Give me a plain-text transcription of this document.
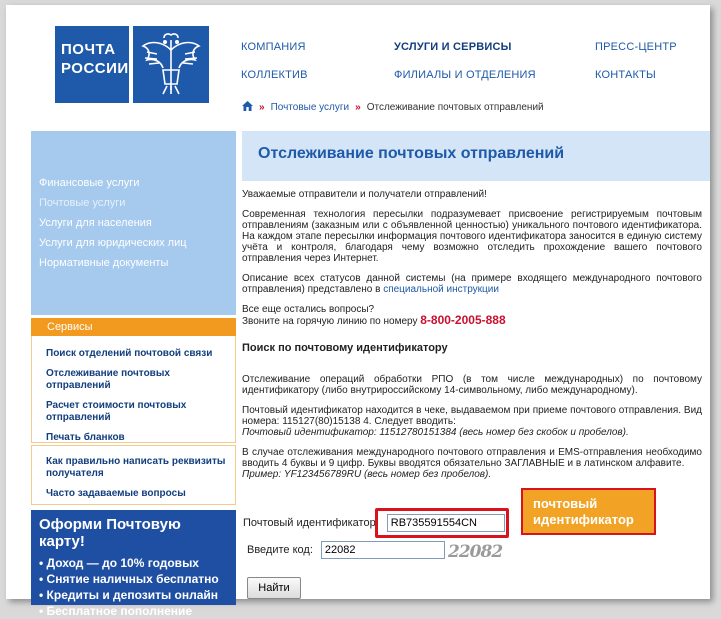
ПОЧТА
РОССИИ
КОМПАНИЯ	УСЛУГИ И СЕРВИСЫ	ПРЕСС-ЦЕНТР
КОЛЛЕКТИВ	ФИЛИАЛЫ И ОТДЕЛЕНИЯ	КОНТАКТЫ
» Почтовые услуги » Отслеживание почтовых отправлений
Финансовые услуги
Почтовые услуги
Услуги для населения
Услуги для юридических лиц
Нормативные документы
Сервисы
Поиск отделений почтовой связи
Отслеживание почтовых отправлений
Расчет стоимости почтовых отправлений
Печать бланков
Как правильно написать реквизиты получателя
Часто задаваемые вопросы
Оформи Почтовую карту!
• Доход — до 10% годовых
• Снятие наличных бесплатно
• Кредиты и депозиты онлайн
• Бесплатное пополнение
Отслеживание почтовых отправлений

Уважаемые отправители и получатели отправлений!

Современная технология пересылки подразумевает присвоение регистрируемым почтовым отправлениям (заказным или с объявленной ценностью) уникального почтового идентификатора. На каждом этапе пересылки информация почтового идентификатора заносится в единую систему учёта и контроля, благодаря чему возможно отследить прохождение вашего почтового отправления через Интернет.

Описание всех статусов данной системы (на примере входящего международного почтового отправления) представлено в специальной инструкции

Все еще остались вопросы?
Звоните на горячую линию по номеру 8-800-2005-888
Поиск по почтовому идентификатору

Отслеживание операций обработки РПО (в том числе международных) по почтовому идентификатору (либо внутрироссийскому 14-символьному, либо международному).

Почтовый идентификатор находится в чеке, выдаваемом при приеме почтового отправления. Вид номера: 115127(80)15138 4. Следует вводить:
Почтовый идентификатор: 11512780151384 (весь номер без скобок и пробелов).

В случае отслеживания международного почтового отправления и EMS-отправления необходимо вводить 4 буквы и 9 цифр. Буквы вводятся обязательно ЗАГЛАВНЫЕ и в латинском алфавите.
Пример: YF123456789RU (весь номер без пробелов).

Почтовый идентификатор:
RB735591554CN
Введите код:
22082	22082
Найти
почтовый идентификатор
